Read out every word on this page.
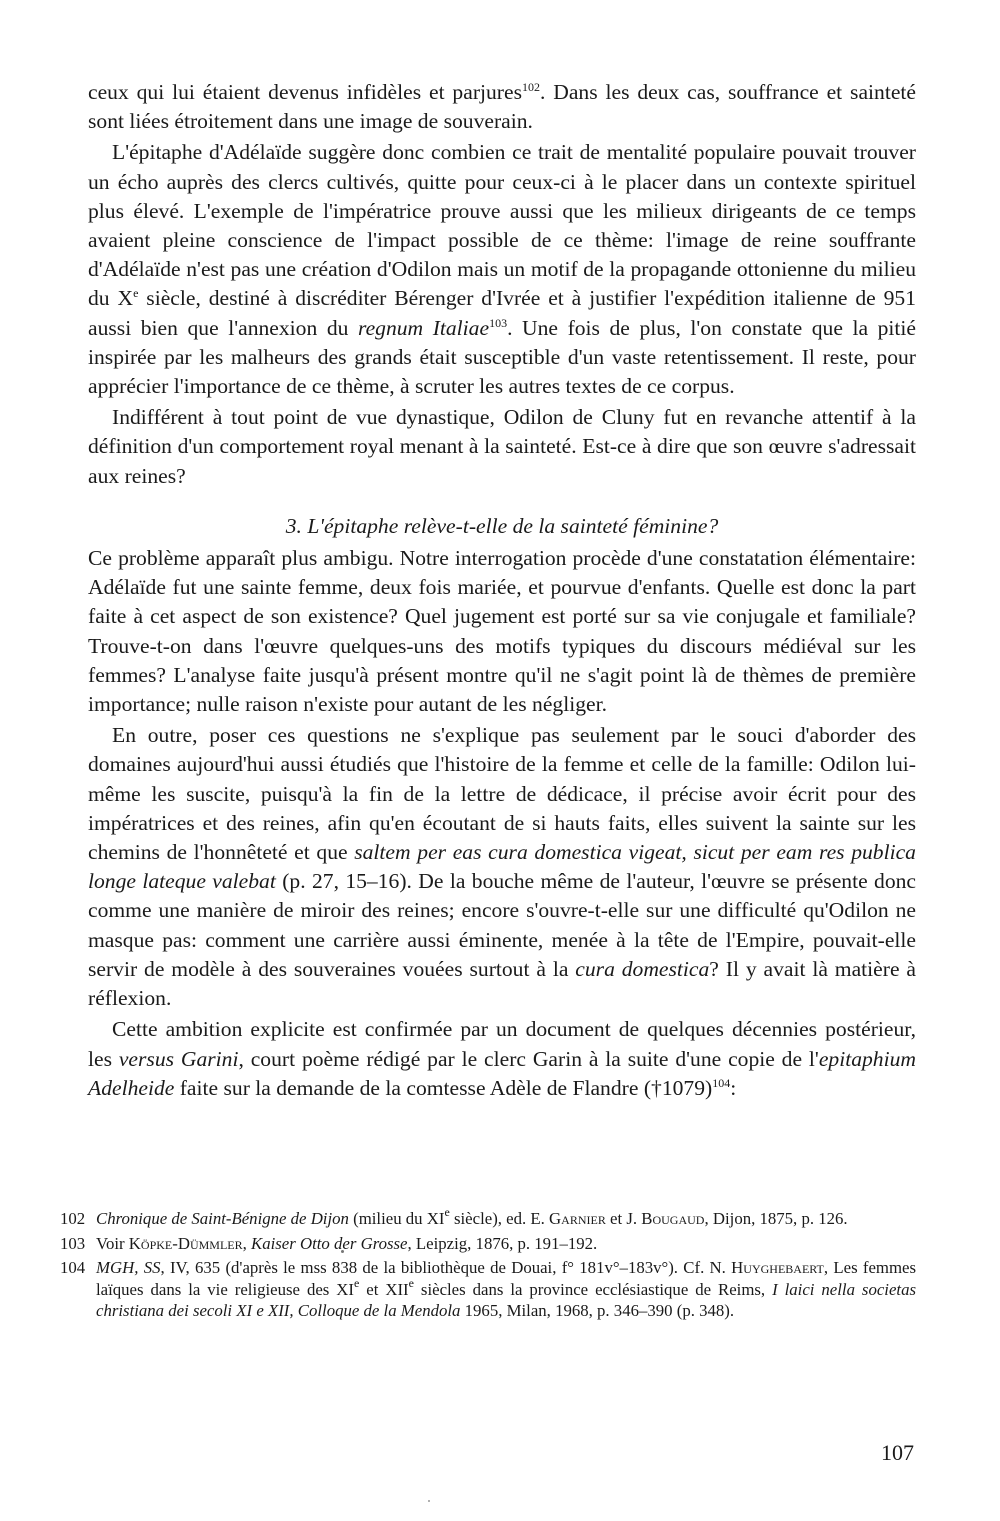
ceux qui lui étaient devenus infidèles et parjures$^{102}$. Dans les deux cas, souffrance et sainteté sont liées étroitement dans une image de souverain.

L'épitaphe d'Adélaïde suggère donc combien ce trait de mentalité populaire pouvait trouver un écho auprès des clercs cultivés, quitte pour ceux-ci à le placer dans un contexte spirituel plus élevé. L'exemple de l'impératrice prouve aussi que les milieux dirigeants de ce temps avaient pleine conscience de l'impact possible de ce thème: l'image de reine souffrante d'Adélaïde n'est pas une création d'Odilon mais un motif de la propagande ottonienne du milieu du Xe siècle, destiné à discréditer Bérenger d'Ivrée et à justifier l'expédition italienne de 951 aussi bien que l'annexion du regnum Italiae$^{103}$. Une fois de plus, l'on constate que la pitié inspirée par les malheurs des grands était susceptible d'un vaste retentissement. Il reste, pour apprécier l'importance de ce thème, à scruter les autres textes de ce corpus.

Indifférent à tout point de vue dynastique, Odilon de Cluny fut en revanche attentif à la définition d'un comportement royal menant à la sainteté. Est-ce à dire que son œuvre s'adressait aux reines?

3. L'épitaphe relève-t-elle de la sainteté féminine?

Ce problème apparaît plus ambigu. Notre interrogation procède d'une constatation élémentaire: Adélaïde fut une sainte femme, deux fois mariée, et pourvue d'enfants. Quelle est donc la part faite à cet aspect de son existence? Quel jugement est porté sur sa vie conjugale et familiale? Trouve-t-on dans l'œuvre quelques-uns des motifs typiques du discours médiéval sur les femmes? L'analyse faite jusqu'à présent montre qu'il ne s'agit point là de thèmes de première importance; nulle raison n'existe pour autant de les négliger.

En outre, poser ces questions ne s'explique pas seulement par le souci d'aborder des domaines aujourd'hui aussi étudiés que l'histoire de la femme et celle de la famille: Odilon lui-même les suscite, puisqu'à la fin de la lettre de dédicace, il précise avoir écrit pour des impératrices et des reines, afin qu'en écoutant de si hauts faits, elles suivent la sainte sur les chemins de l'honnêteté et que saltem per eas cura domestica vigeat, sicut per eam res publica longe lateque valebat (p. 27, 15–16). De la bouche même de l'auteur, l'œuvre se présente donc comme une manière de miroir des reines; encore s'ouvre-t-elle sur une difficulté qu'Odilon ne masque pas: comment une carrière aussi éminente, menée à la tête de l'Empire, pouvait-elle servir de modèle à des souveraines vouées surtout à la cura domestica? Il y avait là matière à réflexion.

Cette ambition explicite est confirmée par un document de quelques décennies postérieur, les versus Garini, court poème rédigé par le clerc Garin à la suite d'une copie de l'epitaphium Adelheide faite sur la demande de la comtesse Adèle de Flandre (†1079)$^{104}$:

102 Chronique de Saint-Bénigne de Dijon (milieu du XIe siècle), ed. E. Garnier et J. Bougaud, Dijon, 1875, p. 126.
103 Voir Köpke-Dümmler, Kaiser Otto der Grosse, Leipzig, 1876, p. 191–192.
104 MGH, SS, IV, 635 (d'après le mss 838 de la bibliothèque de Douai, f° 181v°–183v°). Cf. N. Huyghebaert, Les femmes laïques dans la vie religieuse des XIe et XIIe siècles dans la province ecclésiastique de Reims, I laici nella societas christiana dei secoli XI e XII, Colloque de la Mendola 1965, Milan, 1968, p. 346–390 (p. 348).
107
